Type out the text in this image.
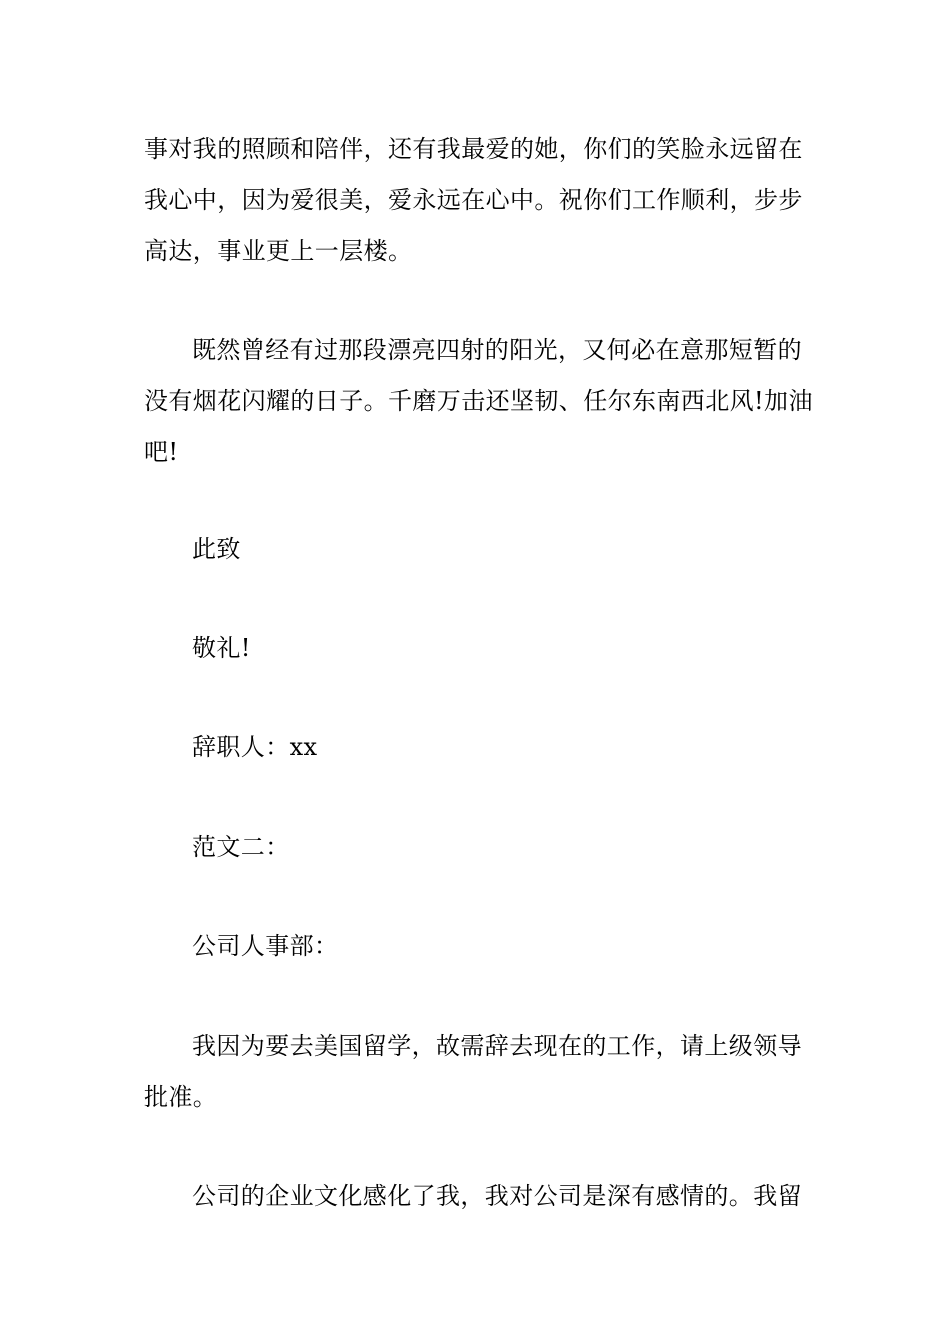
事对我的照顾和陪伴，还有我最爱的她，你们的笑脸永远留在
我心中，因为爱很美，爱永远在心中。祝你们工作顺利，步步
高达，事业更上一层楼。

既然曾经有过那段漂亮四射的阳光，又何必在意那短暂的
没有烟花闪耀的日子。千磨万击还坚韧、任尔东南西北风!加油
吧!

此致

敬礼!

辞职人：xx

范文二：

公司人事部：

我因为要去美国留学，故需辞去现在的工作，请上级领导
批准。

公司的企业文化感化了我，我对公司是深有感情的。我留
